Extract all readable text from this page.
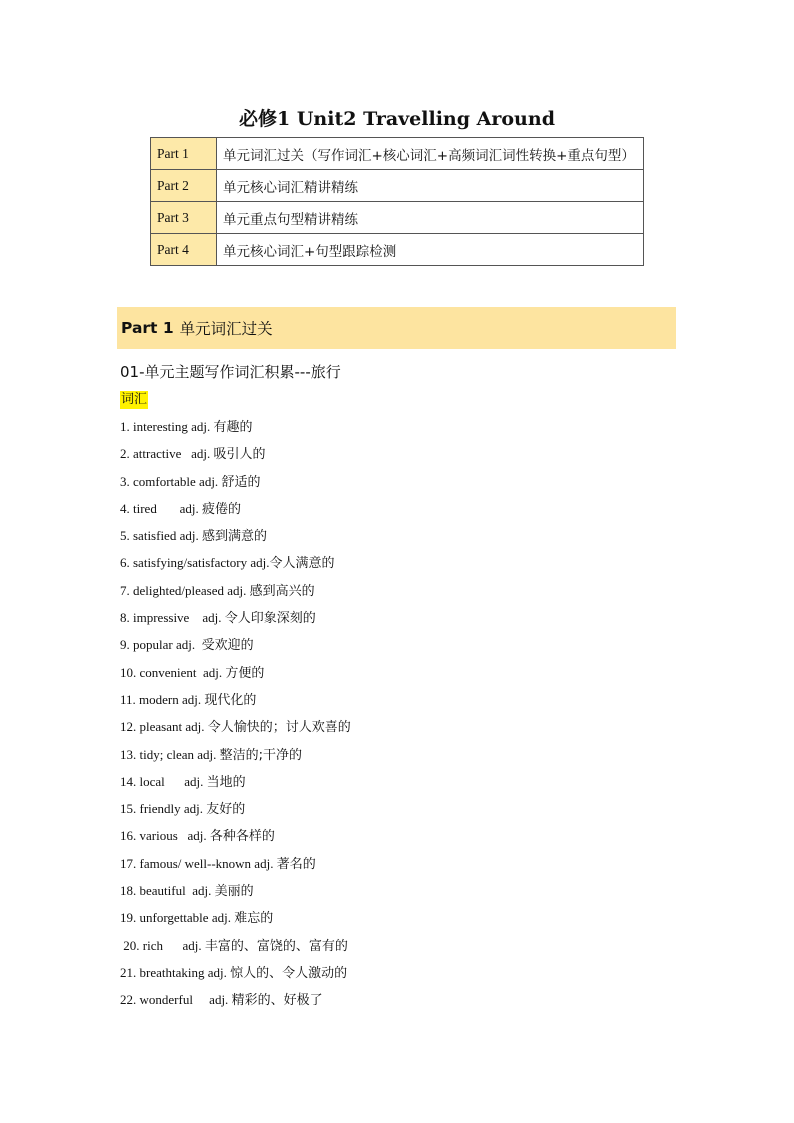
必修1 Unit2 Travelling Around
Part 1	单元词汇过关（写作词汇+核心词汇+高频词汇词性转换+重点句型）
Part 2	单元核心词汇精讲精练
Part 3	单元重点句型精讲精练
Part 4	单元核心词汇+句型跟踪检测
Part 1 单元词汇过关
01-单元主题写作词汇积累---旅行
词汇
1. interesting adj. 有趣的
2. attractive   adj. 吸引人的
3. comfortable adj. 舒适的
4. tired       adj. 疲倦的
5. satisfied adj. 感到满意的
6. satisfying/satisfactory adj.令人满意的
7. delighted/pleased adj. 感到高兴的
8. impressive    adj. 令人印象深刻的
9. popular adj.  受欢迎的
10. convenient  adj. 方便的
11. modern adj. 现代化的
12. pleasant adj. 令人愉快的；讨人欢喜的
13. tidy; clean adj. 整洁的;干净的
14. local      adj. 当地的
15. friendly adj. 友好的
16. various   adj. 各种各样的
17. famous/ well--known adj. 著名的
18. beautiful  adj. 美丽的
19. unforgettable adj. 难忘的
20. rich      adj. 丰富的、富饶的、富有的
21. breathtaking adj. 惊人的、令人激动的
22. wonderful     adj. 精彩的、好极了
